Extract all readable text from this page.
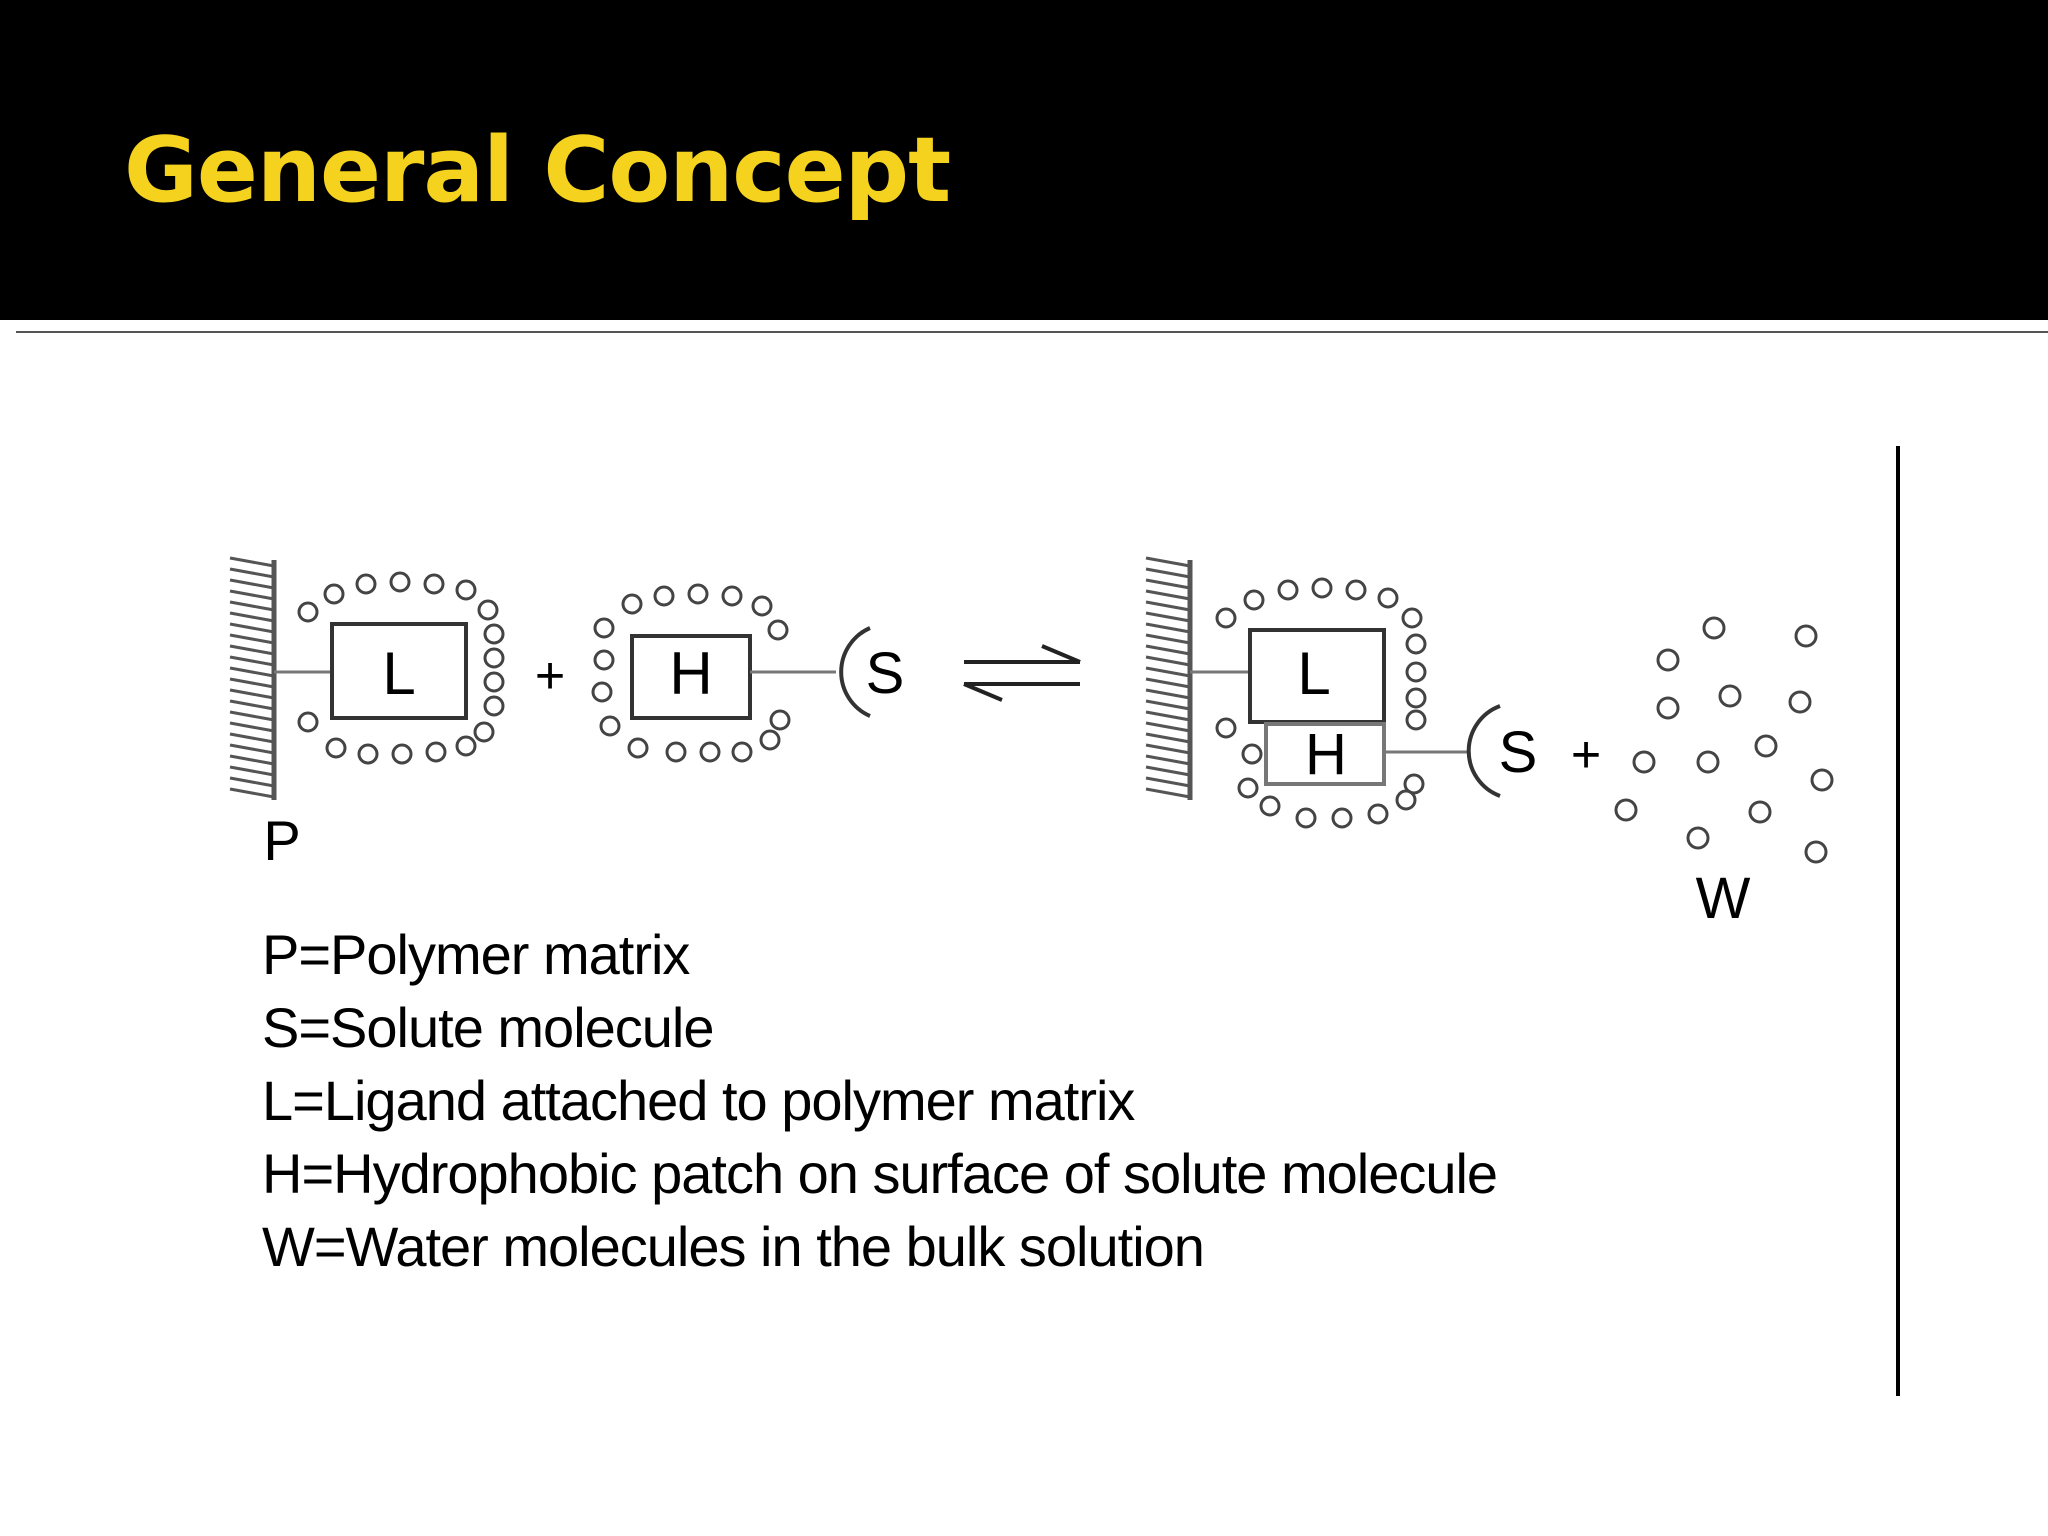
General Concept
L + H	S
P
L
H	S +
W
P=Polymer matrix
S=Solute molecule
L=Ligand attached to polymer matrix
H=Hydrophobic patch on surface of solute molecule
W=Water molecules in the bulk solution
